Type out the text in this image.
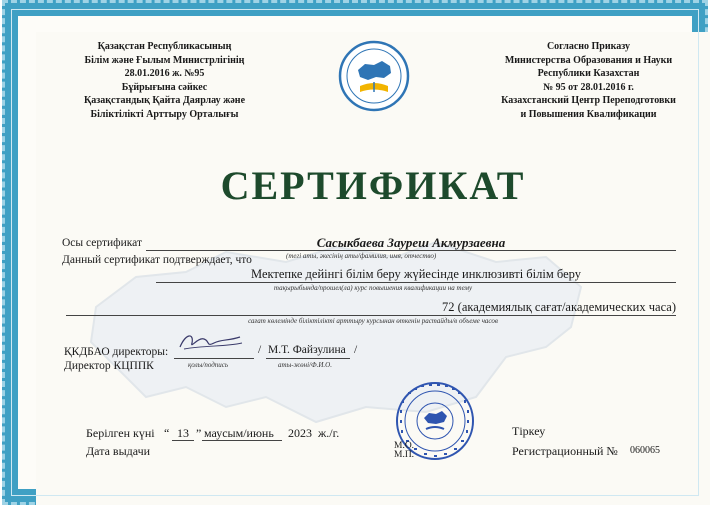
Қазақстан Республикасының
Білім және Ғылым Министрлігінің
28.01.2016 ж. №95
Бұйрығына сәйкес
Қазақстандық Қайта Даярлау және
Біліктілікті Арттыру Орталығы
Согласно Приказу
Министерства Образования и Науки
Республики Казахстан
№ 95 от 28.01.2016 г.
Казахстанский Центр Переподготовки
и Повышения Квалификации
СЕРТИФИКАТ
Осы сертификат	Сасыкбаева Зауреш Акмурзаевна
Данный сертификат подтверждает, что	(тегі аты, әкесінің аты/фамилия, имя, отчество)
Мектепке дейінгі білім беру жүйесінде инклюзивті білім беру
тақырыбында/прошел(ла) курс повышения квалификации на тему
72 (академиялық сағат/академических часа)
сағат көлемінде біліктілікті арттыру курсынан өткенін растайды/в объеме часов
ҚКДБАО директоры:
Директор КЦППК
/
қолы/подпись
М.Т. Файзулина /
аты-жөні/Ф.И.О.
Берілген күні “ 13 ” маусым/июнь 2023 ж./г.
Дата выдачи	М.О.
М.П.
Тіркеу
Регистрационный № 060065
